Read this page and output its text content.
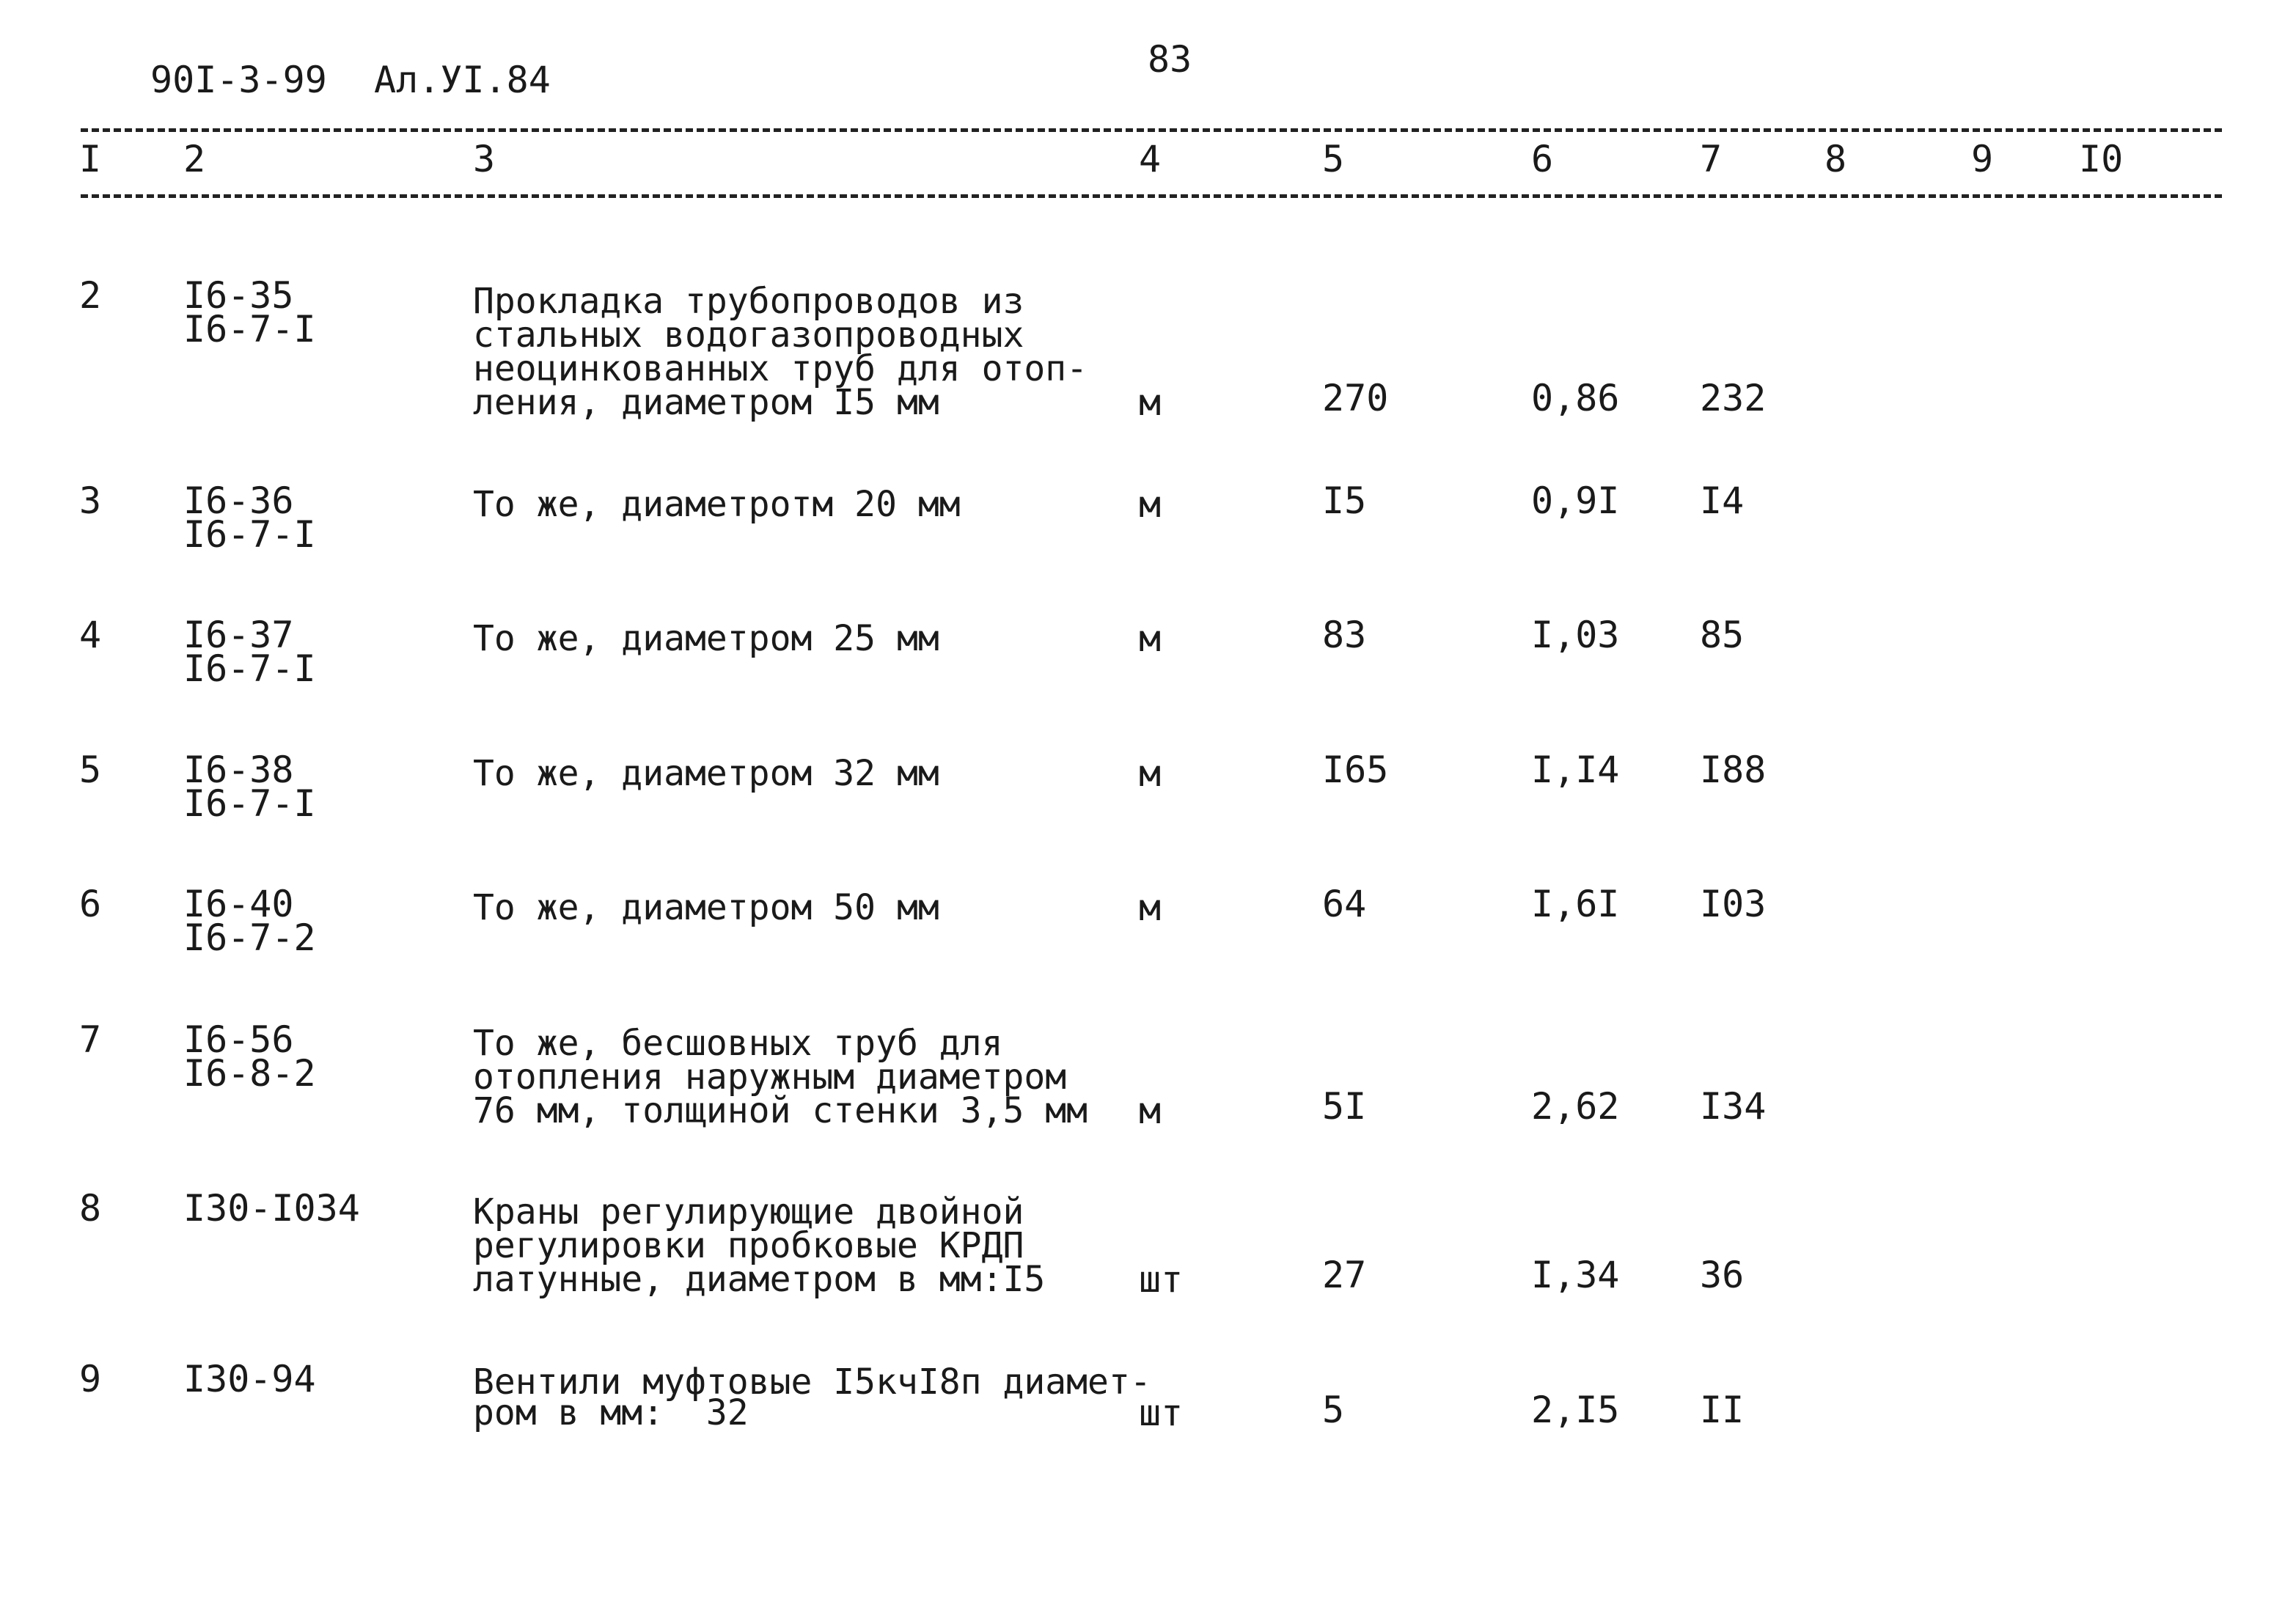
90I-3-99 Ал.УI.84	83
I 2	3	4	5	6	7	8	9 I0
2 I6-35
I6-7-I
Прокладка трубопроводов из
стальных водогазопроводных
неоцинкованных труб для отоп-
ления, диаметром I5 мм	м	270	0,86 232
3 I6-36
I6-7-I
То же, диаметротм 20 мм	м	I5	0,9I I4
4 I6-37
I6-7-I
То же, диаметром 25 мм	м	83	I,03 85
5 I6-38
I6-7-I
То же, диаметром 32 мм	м	I65	I,I4 I88
6 I6-40
I6-7-2
То же, диаметром 50 мм	м	64	I,6I I03
7 I6-56
I6-8-2
То же, бесшовных труб для
отопления наружным диаметром
76 мм, толщиной стенки 3,5 мм м	5I	2,62 I34
8 I30-I034	Краны регулирующие двойной
регулировки пробковые КРДП
латунные, диаметром в мм:I5	шт	27	I,34 36
9 I30-94	Вентили муфтовые I5кчI8п диамет-
ром в мм:  32	шт	5	2,I5 II
